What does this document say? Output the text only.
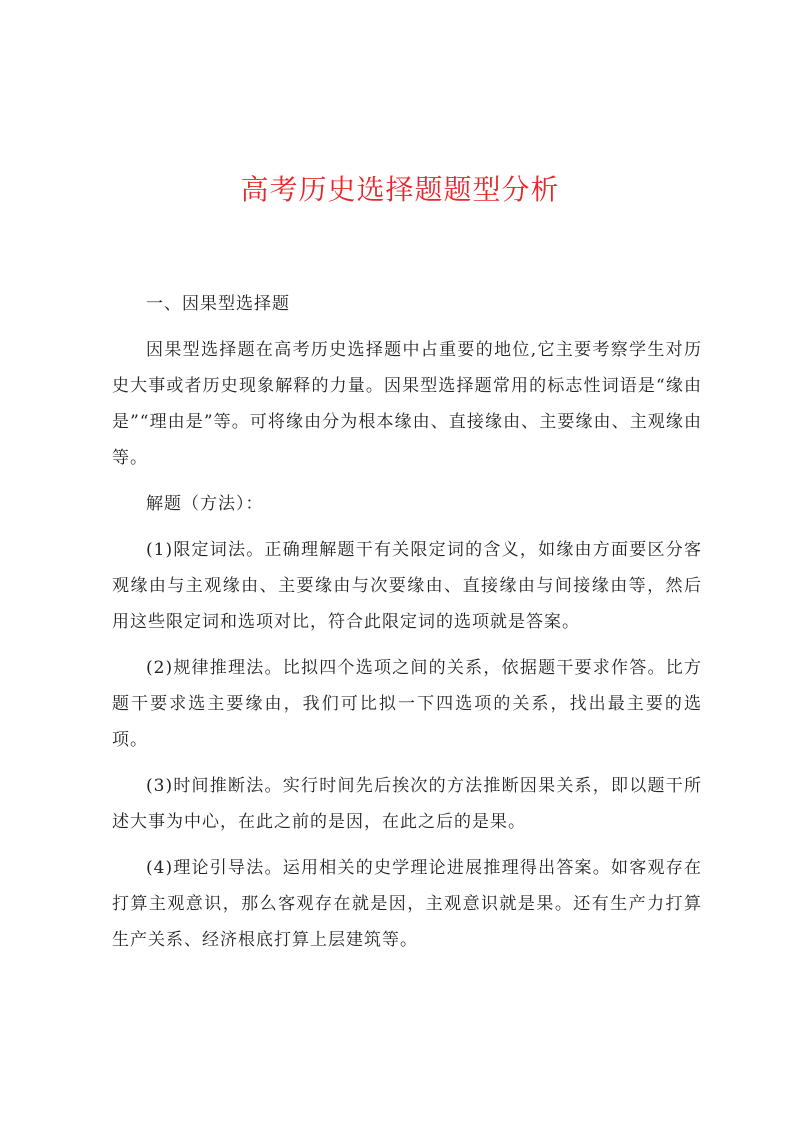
高考历史选择题题型分析

一、因果型选择题

因果型选择题在高考历史选择题中占重要的地位,它主要考察学生对历史大事或者历史现象解释的力量。因果型选择题常用的标志性词语是“缘由是”“理由是”等。可将缘由分为根本缘由、直接缘由、主要缘由、主观缘由等。

解题（方法）：

(1)限定词法。正确理解题干有关限定词的含义，如缘由方面要区分客观缘由与主观缘由、主要缘由与次要缘由、直接缘由与间接缘由等，然后用这些限定词和选项对比，符合此限定词的选项就是答案。

(2)规律推理法。比拟四个选项之间的关系，依据题干要求作答。比方题干要求选主要缘由，我们可比拟一下四选项的关系，找出最主要的选项。

(3)时间推断法。实行时间先后挨次的方法推断因果关系，即以题干所述大事为中心，在此之前的是因，在此之后的是果。

(4)理论引导法。运用相关的史学理论进展推理得出答案。如客观存在打算主观意识，那么客观存在就是因，主观意识就是果。还有生产力打算生产关系、经济根底打算上层建筑等。
